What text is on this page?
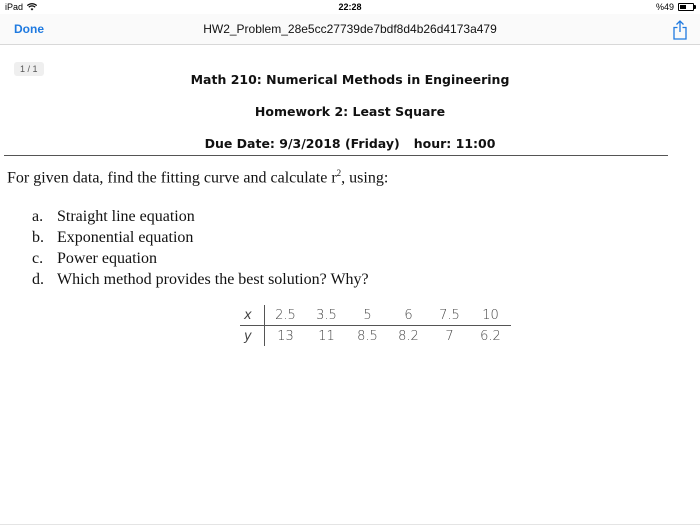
iPad	22:28	%49
Done	HW2_Problem_28e5cc27739de7bdf8d4b26d4173a479
1 / 1
Math 210: Numerical Methods in Engineering
Homework 2: Least Square
Due Date: 9/3/2018 (Friday) hour: 11:00
For given data, find the fitting curve and calculate $r^2$, using:
a. Straight line equation
b. Exponential equation
c. Power equation
d. Which method provides the best solution? Why?
x	2.5	3.5	5	6	7.5	10
y	13	11	8.5	8.2	7	6.2
